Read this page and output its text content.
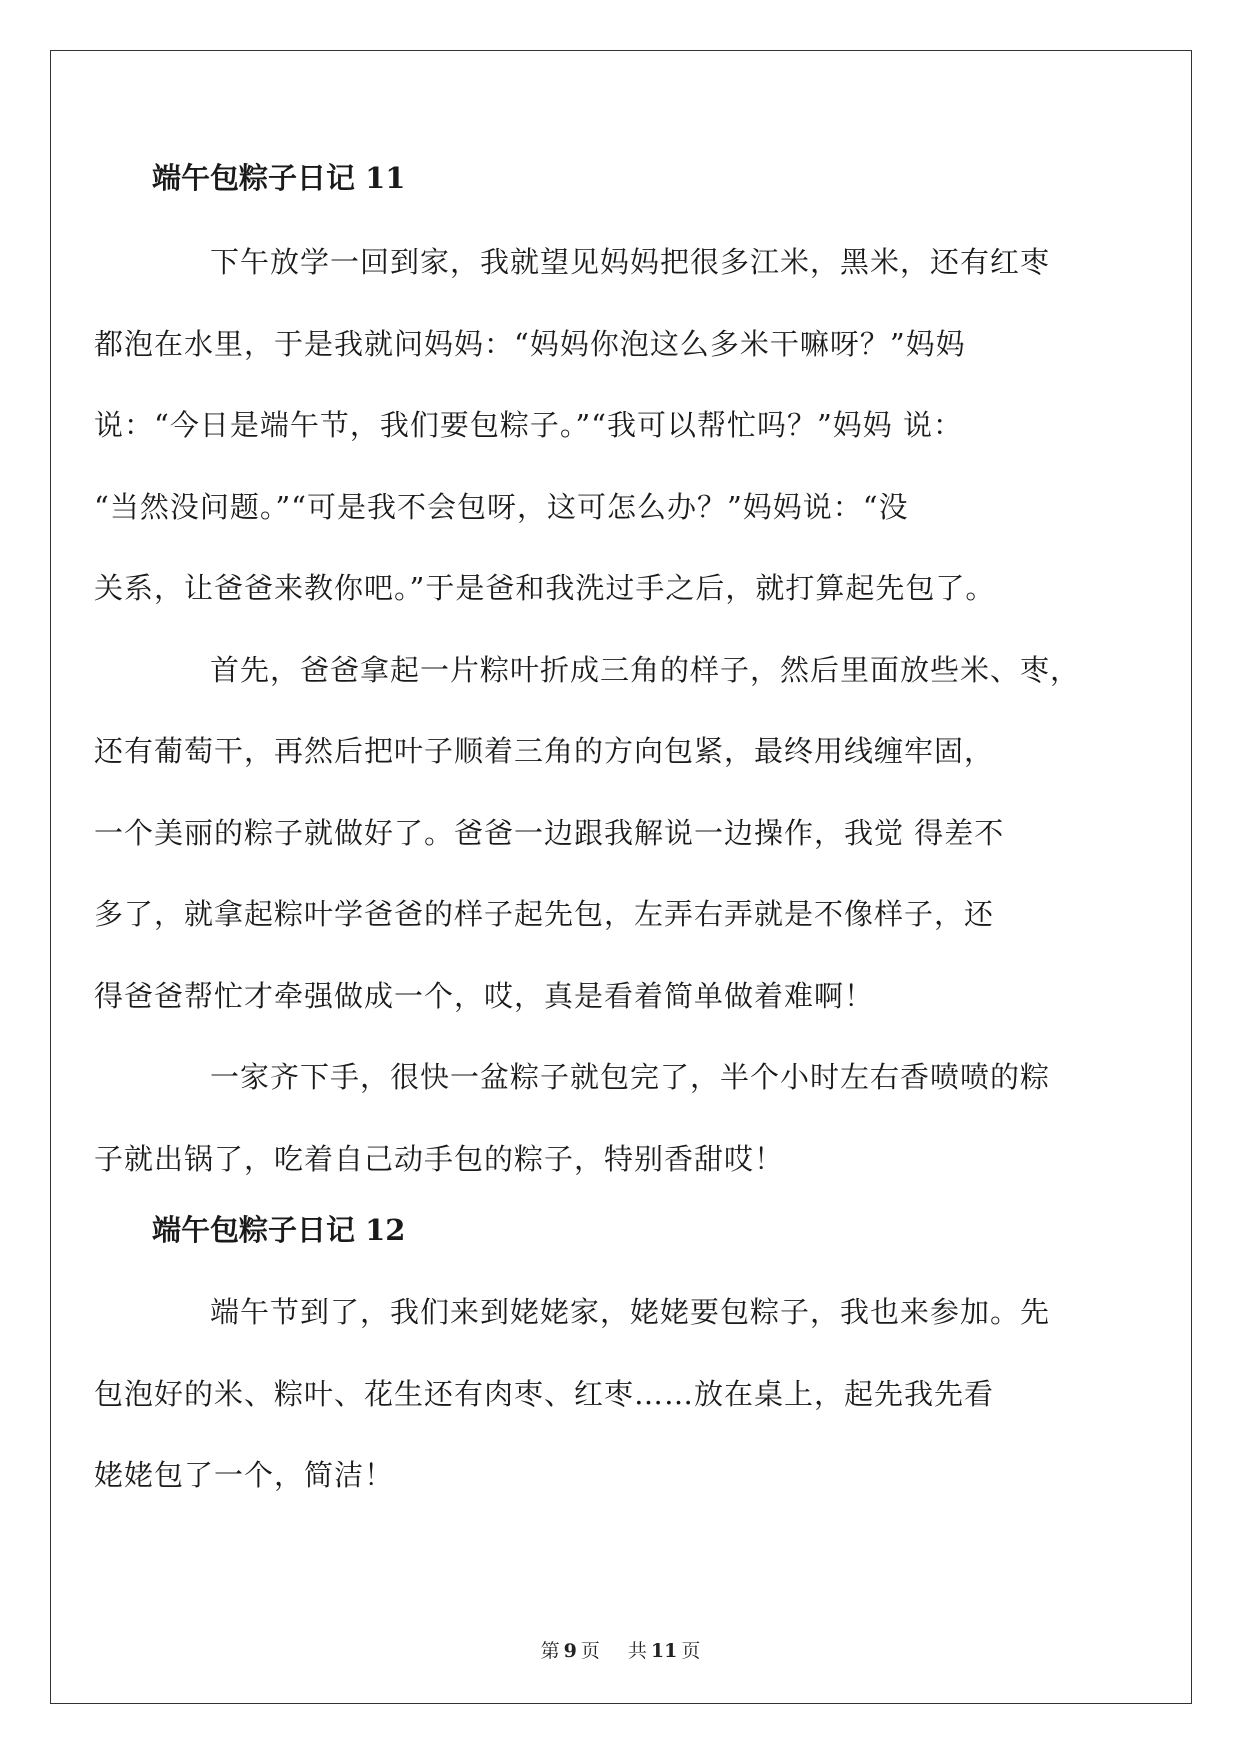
端午包粽子日记 11

下午放学一回到家，我就望见妈妈把很多江米，黑米，还有红枣
都泡在水里，于是我就问妈妈：“妈妈你泡这么多米干嘛呀？”妈妈
说：“今日是端午节，我们要包粽子。”“我可以帮忙吗？”妈妈 说：
“当然没问题。”“可是我不会包呀，这可怎么办？”妈妈说：“没
关系，让爸爸来教你吧。”于是爸和我洗过手之后，就打算起先包了。

首先，爸爸拿起一片粽叶折成三角的样子，然后里面放些米、枣，
还有葡萄干，再然后把叶子顺着三角的方向包紧，最终用线缠牢固，
一个美丽的粽子就做好了。爸爸一边跟我解说一边操作，我觉 得差不
多了，就拿起粽叶学爸爸的样子起先包，左弄右弄就是不像样子，还
得爸爸帮忙才牵强做成一个，哎，真是看着简单做着难啊！

一家齐下手，很快一盆粽子就包完了，半个小时左右香喷喷的粽
子就出锅了，吃着自己动手包的粽子，特别香甜哎！

端午包粽子日记 12

端午节到了，我们来到姥姥家，姥姥要包粽子，我也来参加。先
包泡好的米、粽叶、花生还有肉枣、红枣……放在桌上，起先我先看
姥姥包了一个，简洁！

第 9 页 共 11 页
